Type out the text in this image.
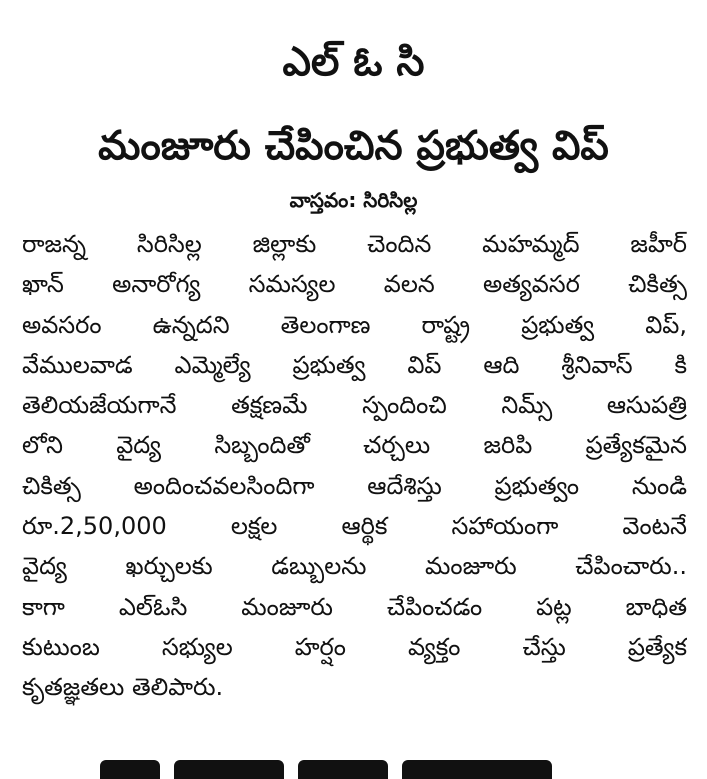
ఎల్ ఓ సి
మంజూరు చేపించిన ప్రభుత్వ విప్
వాస్తవం: సిరిసిల్ల
రాజన్న సిరిసిల్ల జిల్లాకు చెందిన మహమ్మద్ జహీర్
ఖాన్ అనారోగ్య సమస్యల వలన అత్యవసర చికిత్స
అవసరం ఉన్నదని తెలంగాణ రాష్ట్ర ప్రభుత్వ విప్,
వేములవాడ ఎమ్మెల్యే ప్రభుత్వ విప్ ఆది శ్రీనివాస్ కి
తెలియజేయగానే తక్షణమే స్పందించి నిమ్స్ ఆసుపత్రి
లోని వైద్య సిబ్బందితో చర్చలు జరిపి ప్రత్యేకమైన
చికిత్స అందించవలసిందిగా ఆదేశిస్తు ప్రభుత్వం నుండి
రూ.2,50,000 లక్షల ఆర్థిక సహాయంగా వెంటనే
వైద్య ఖర్చులకు డబ్బులను మంజూరు చేపించారు..
కాగా ఎల్ఓసి మంజూరు చేపించడం పట్ల బాధిత
కుటుంబ సభ్యుల హర్షం వ్యక్తం చేస్తు ప్రత్యేక
కృతజ్ఞతలు తెలిపారు.
